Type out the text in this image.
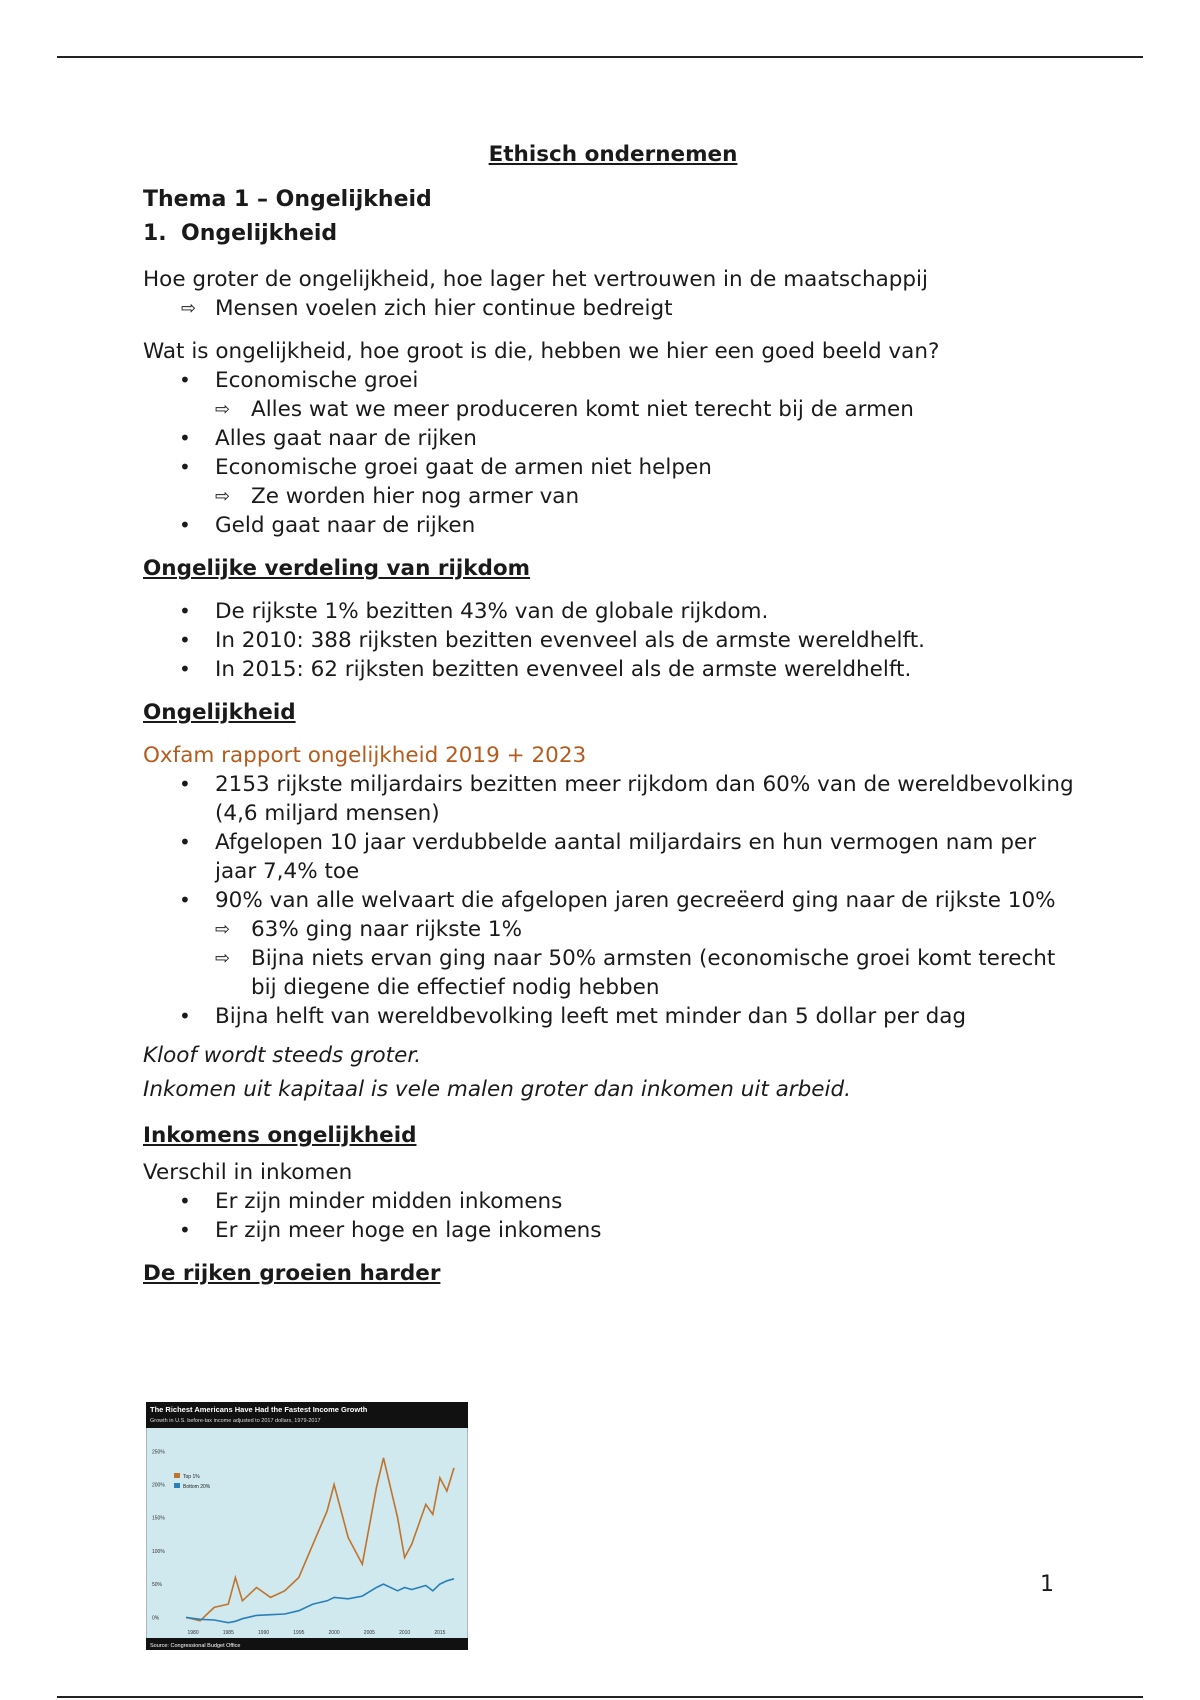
Ethisch ondernemen

Thema 1 – Ongelijkheid

1. Ongelijkheid

Hoe groter de ongelijkheid, hoe lager het vertrouwen in de maatschappij

⇨ Mensen voelen zich hier continue bedreigt

Wat is ongelijkheid, hoe groot is die, hebben we hier een goed beeld van?

• Economische groei
⇨ Alles wat we meer produceren komt niet terecht bij de armen
• Alles gaat naar de rijken
• Economische groei gaat de armen niet helpen
⇨ Ze worden hier nog armer van
• Geld gaat naar de rijken

Ongelijke verdeling van rijkdom

• De rijkste 1% bezitten 43% van de globale rijkdom.
• In 2010: 388 rijksten bezitten evenveel als de armste wereldhelft.
• In 2015: 62 rijksten bezitten evenveel als de armste wereldhelft.

Ongelijkheid

Oxfam rapport ongelijkheid 2019 + 2023

• 2153 rijkste miljardairs bezitten meer rijkdom dan 60% van de wereldbevolking (4,6 miljard mensen)
• Afgelopen 10 jaar verdubbelde aantal miljardairs en hun vermogen nam per jaar 7,4% toe
• 90% van alle welvaart die afgelopen jaren gecreëerd ging naar de rijkste 10%
⇨ 63% ging naar rijkste 1%
⇨ Bijna niets ervan ging naar 50% armsten (economische groei komt terecht bij diegene die effectief nodig hebben
• Bijna helft van wereldbevolking leeft met minder dan 5 dollar per dag

Kloof wordt steeds groter.

Inkomen uit kapitaal is vele malen groter dan inkomen uit arbeid.

Inkomens ongelijkheid

Verschil in inkomen

• Er zijn minder midden inkomens
• Er zijn meer hoge en lage inkomens

De rijken groeien harder

The Richest Americans Have Had the Fastest Income Growth
Growth in U.S. before-tax income adjusted to 2017 dollars, 1979-2017
0%
50%
100%
150%
200%
250%
1980	1985	1990	1995	2000	2005	2010	2015
Top 1%
Bottom 20%
Source: Congressional Budget Office
1
